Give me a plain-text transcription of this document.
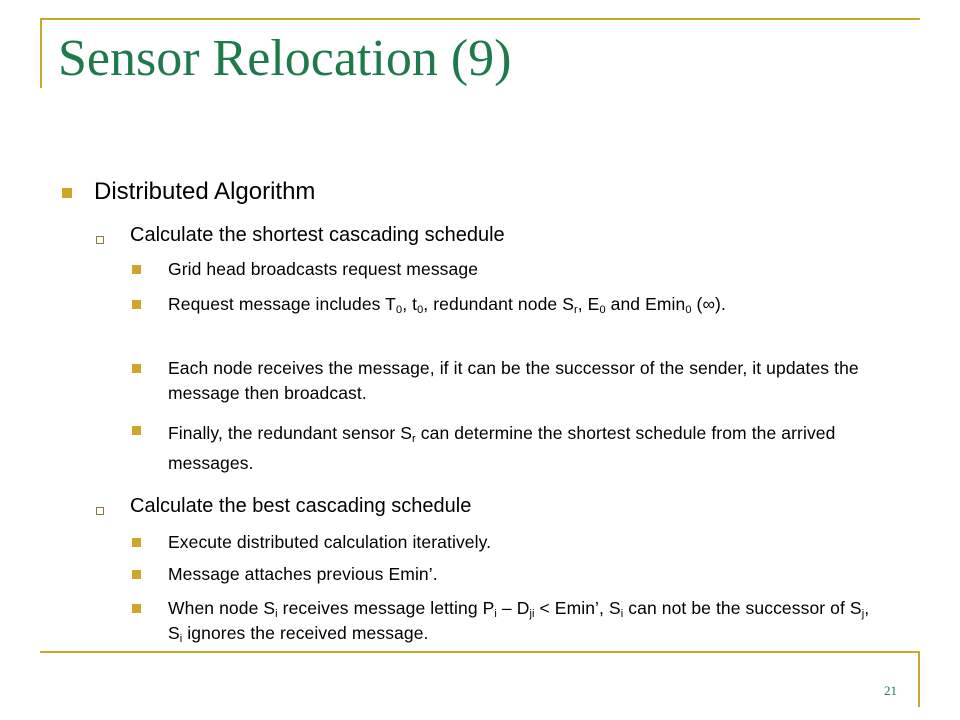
Sensor Relocation (9)
Distributed Algorithm
Calculate the shortest cascading schedule
Grid head broadcasts request message
Request message includes $T_0$, $t_0$, redundant node $S_r$, $E_0$ and Emin$_0$ (∞).
Each node receives the message, if it can be the successor of the sender, it updates the message then broadcast.
Finally, the redundant sensor $S_r$ can determine the shortest schedule from the arrived messages.
Calculate the best cascading schedule
Execute distributed calculation iteratively.
Message attaches previous Emin’.
When node $S_i$ receives message letting $P_i - D_{ji} < Emin$’, $S_i$ can not be the successor of $S_j$, $S_i$ ignores the received message.
21
